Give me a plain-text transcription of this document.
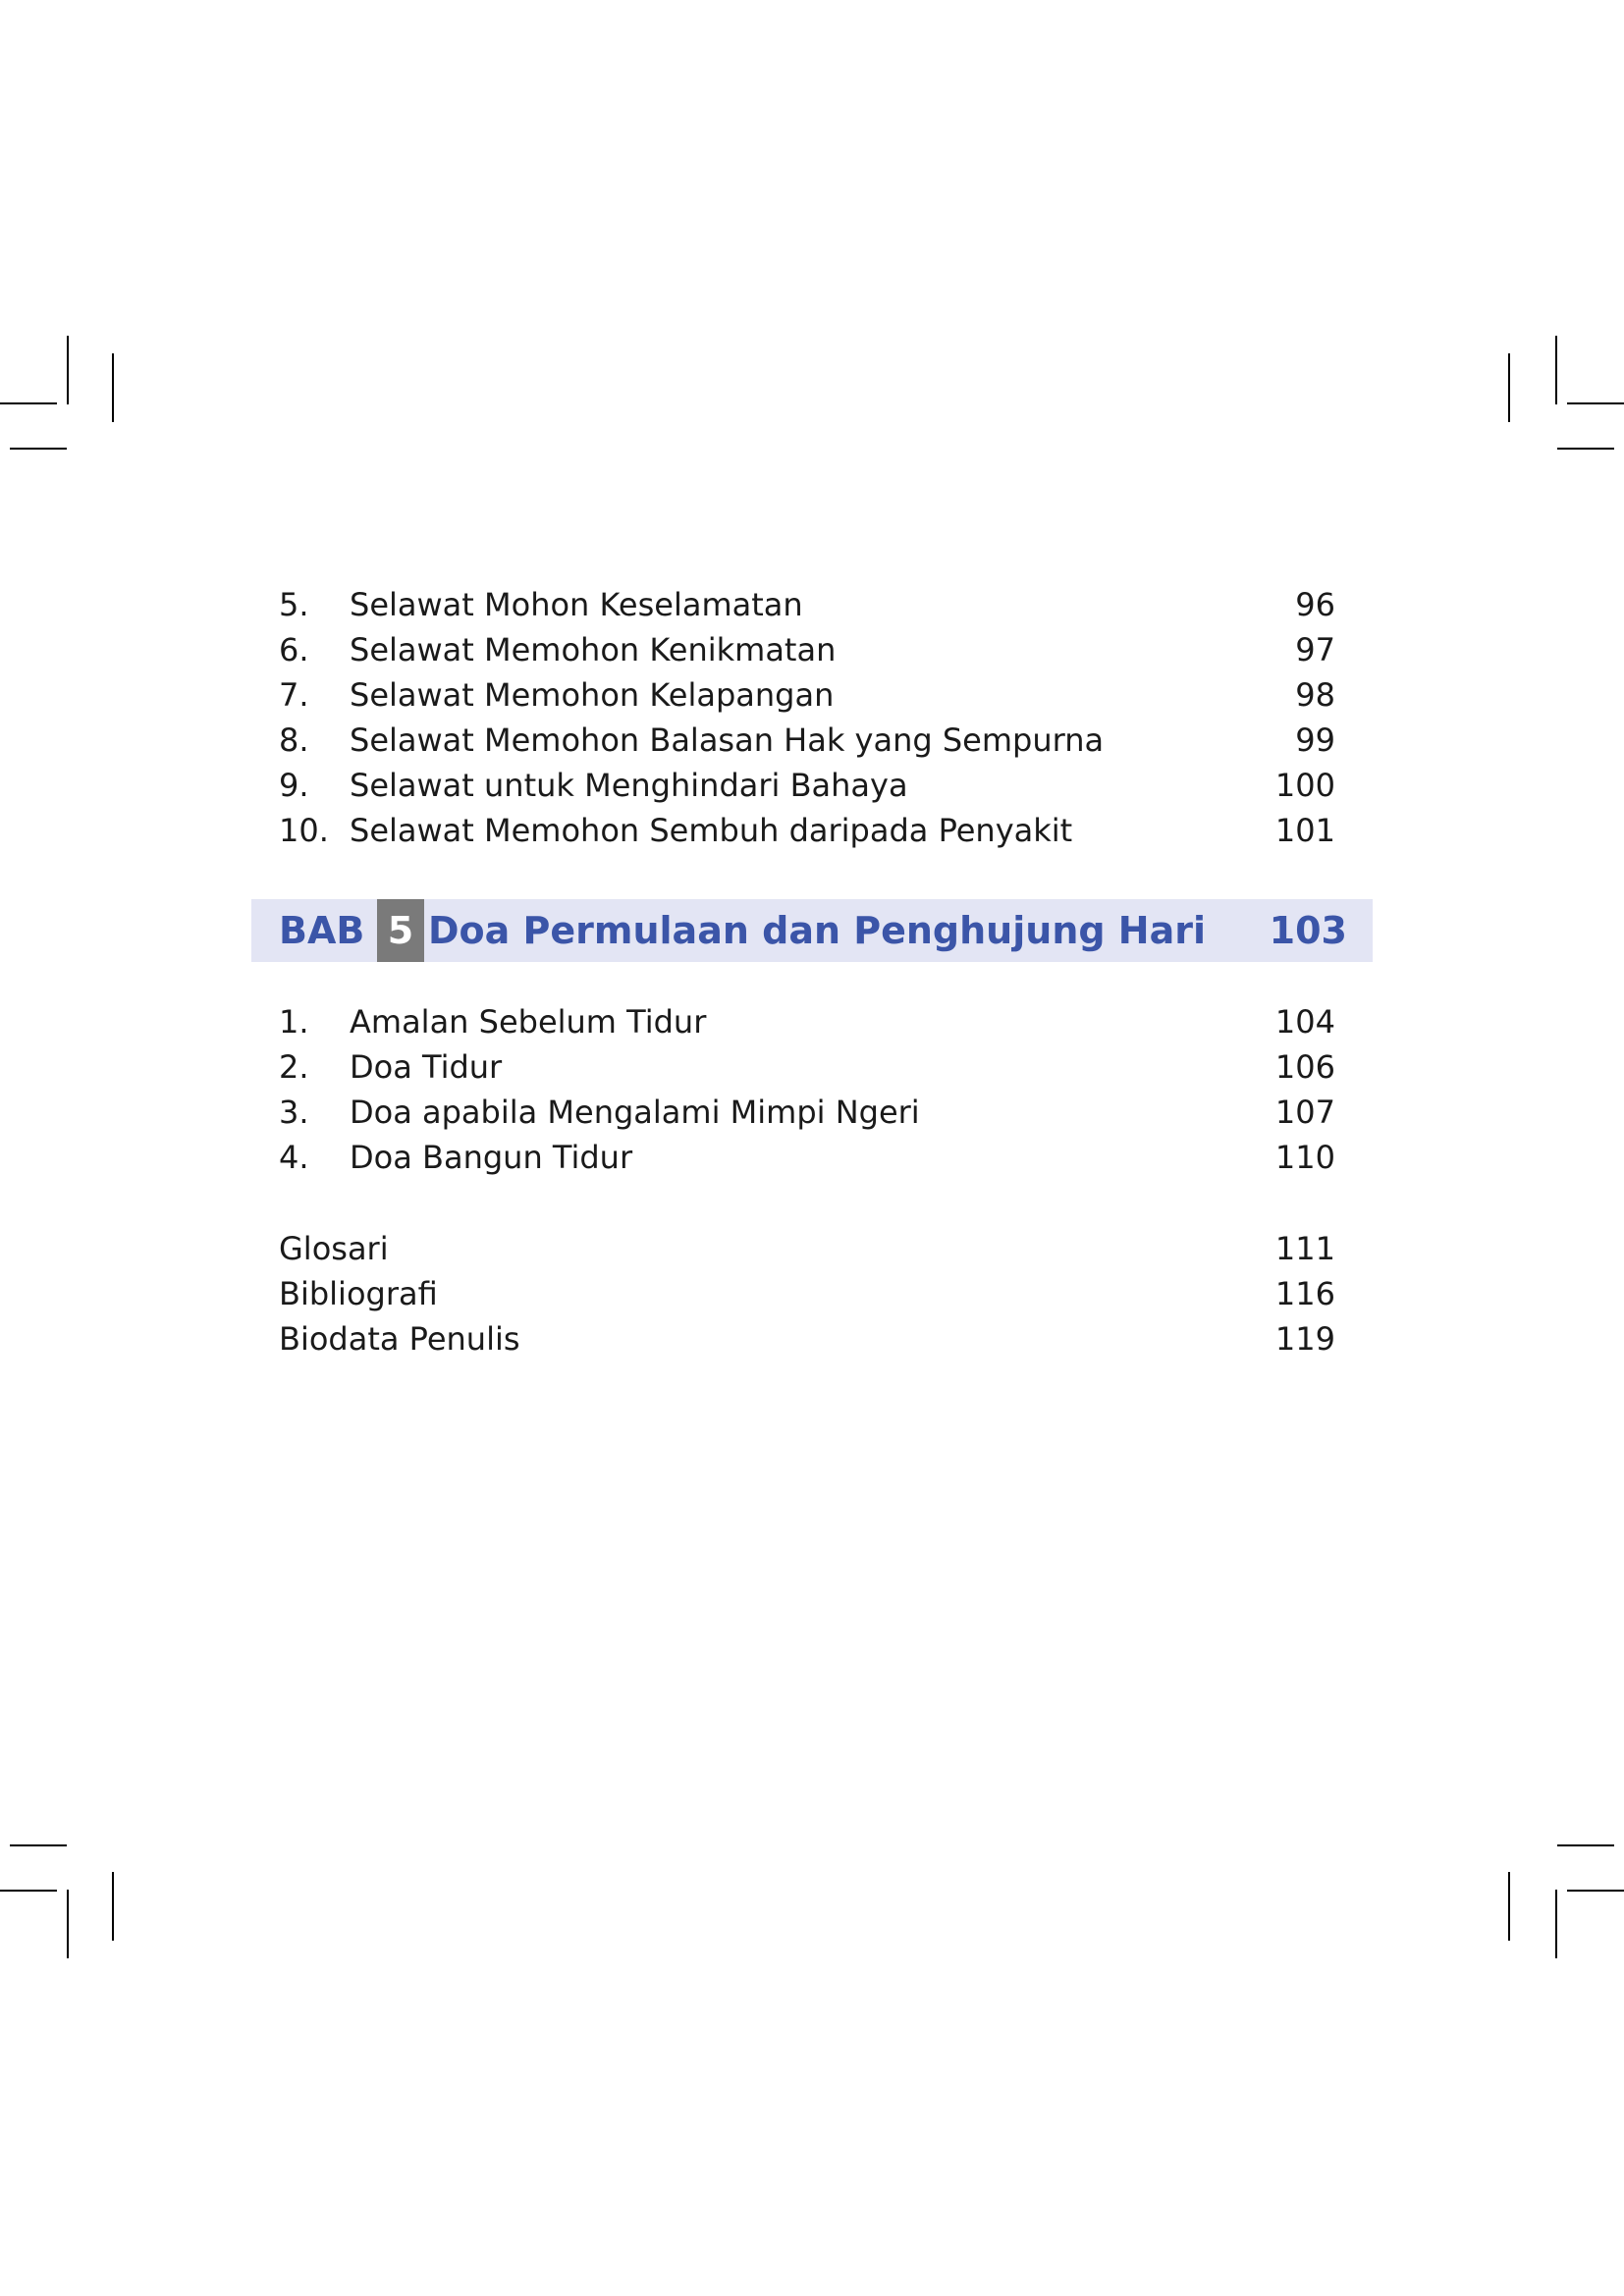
5. Selawat Mohon Keselamatan	96
6. Selawat Memohon Kenikmatan	97
7. Selawat Memohon Kelapangan	98
8. Selawat Memohon Balasan Hak yang Sempurna	99
9. Selawat untuk Menghindari Bahaya	100
10. Selawat Memohon Sembuh daripada Penyakit	101
BAB 5 Doa Permulaan dan Penghujung Hari 103
1. Amalan Sebelum Tidur	104
2. Doa Tidur	106
3. Doa apabila Mengalami Mimpi Ngeri	107
4. Doa Bangun Tidur	110
Glosari	111
Bibliografi	116
Biodata Penulis	119
